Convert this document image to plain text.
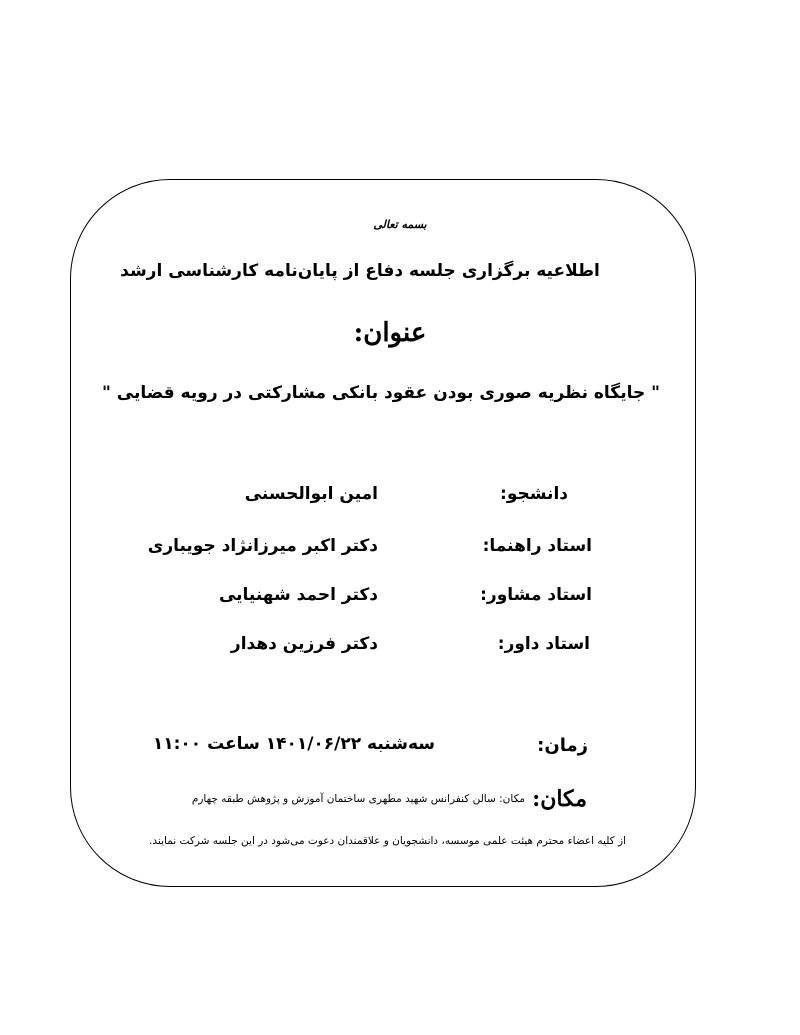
بسمه تعالی
اطلاعیه برگزاری جلسه دفاع از پایان‌نامه کارشناسی ارشد
عنوان:
" جایگاه نظریه صوری بودن عقود بانکی مشارکتی در رویه قضایی "
دانشجو:
امین ابوالحسنی
استاد راهنما:
دکتر اکبر میرزانژاد جویباری
استاد مشاور:
دکتر احمد شهنیایی
استاد داور:
دکتر فرزین دهدار
زمان:
سه‌شنبه ۱۴۰۱/۰۶/۲۲ ساعت ۱۱:۰۰
مکان:
مکان: سالن کنفرانس شهید مطهری ساختمان آموزش و پژوهش طبقه چهارم
از کلیه اعضاء محترم هیئت علمی موسسه، دانشجویان و علاقمندان دعوت می‌شود در این جلسه شرکت نمایند.
